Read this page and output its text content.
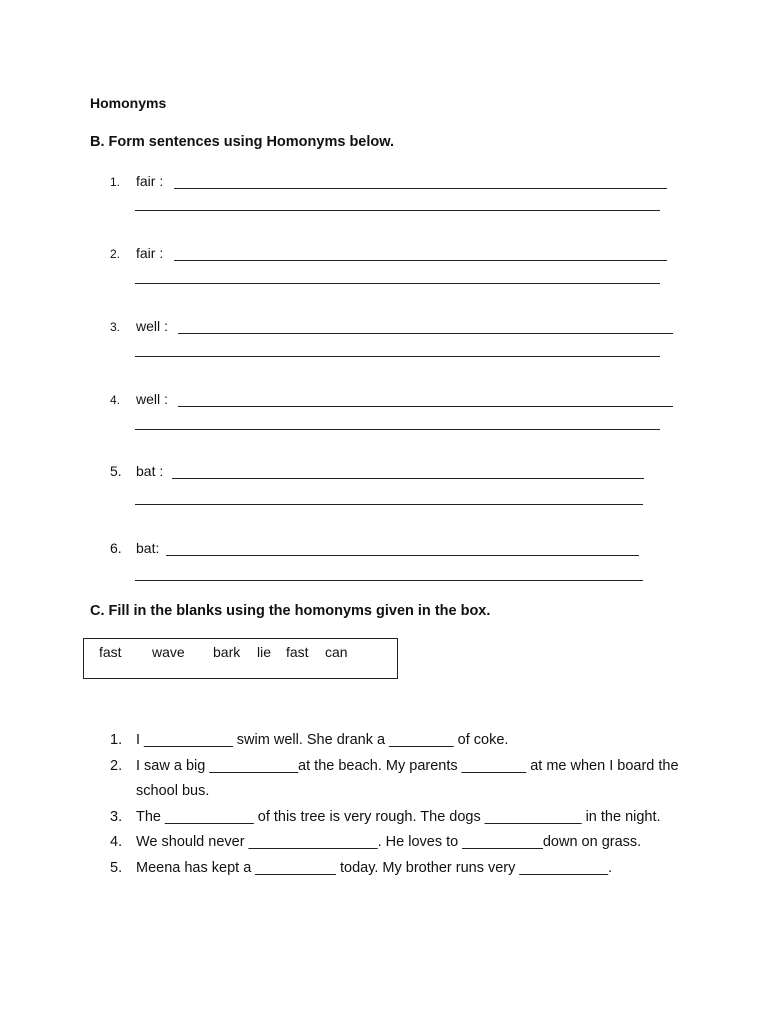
Homonyms
B. Form sentences using Homonyms below.
1. fair :
2. fair :
3. well :
4. well :
5. bat :
6. bat:
C. Fill in the blanks using the homonyms given in the box.
fast wave bark lie fast can
1. I ___________ swim well. She drank a ________ of coke.
2. I saw a big ___________at the beach. My parents ________ at me when I board the school bus.
3. The ___________ of this tree is very rough. The dogs ____________ in the night.
4. We should never ________________. He loves to __________down on grass.
5. Meena has kept a __________ today. My brother runs very ___________.
